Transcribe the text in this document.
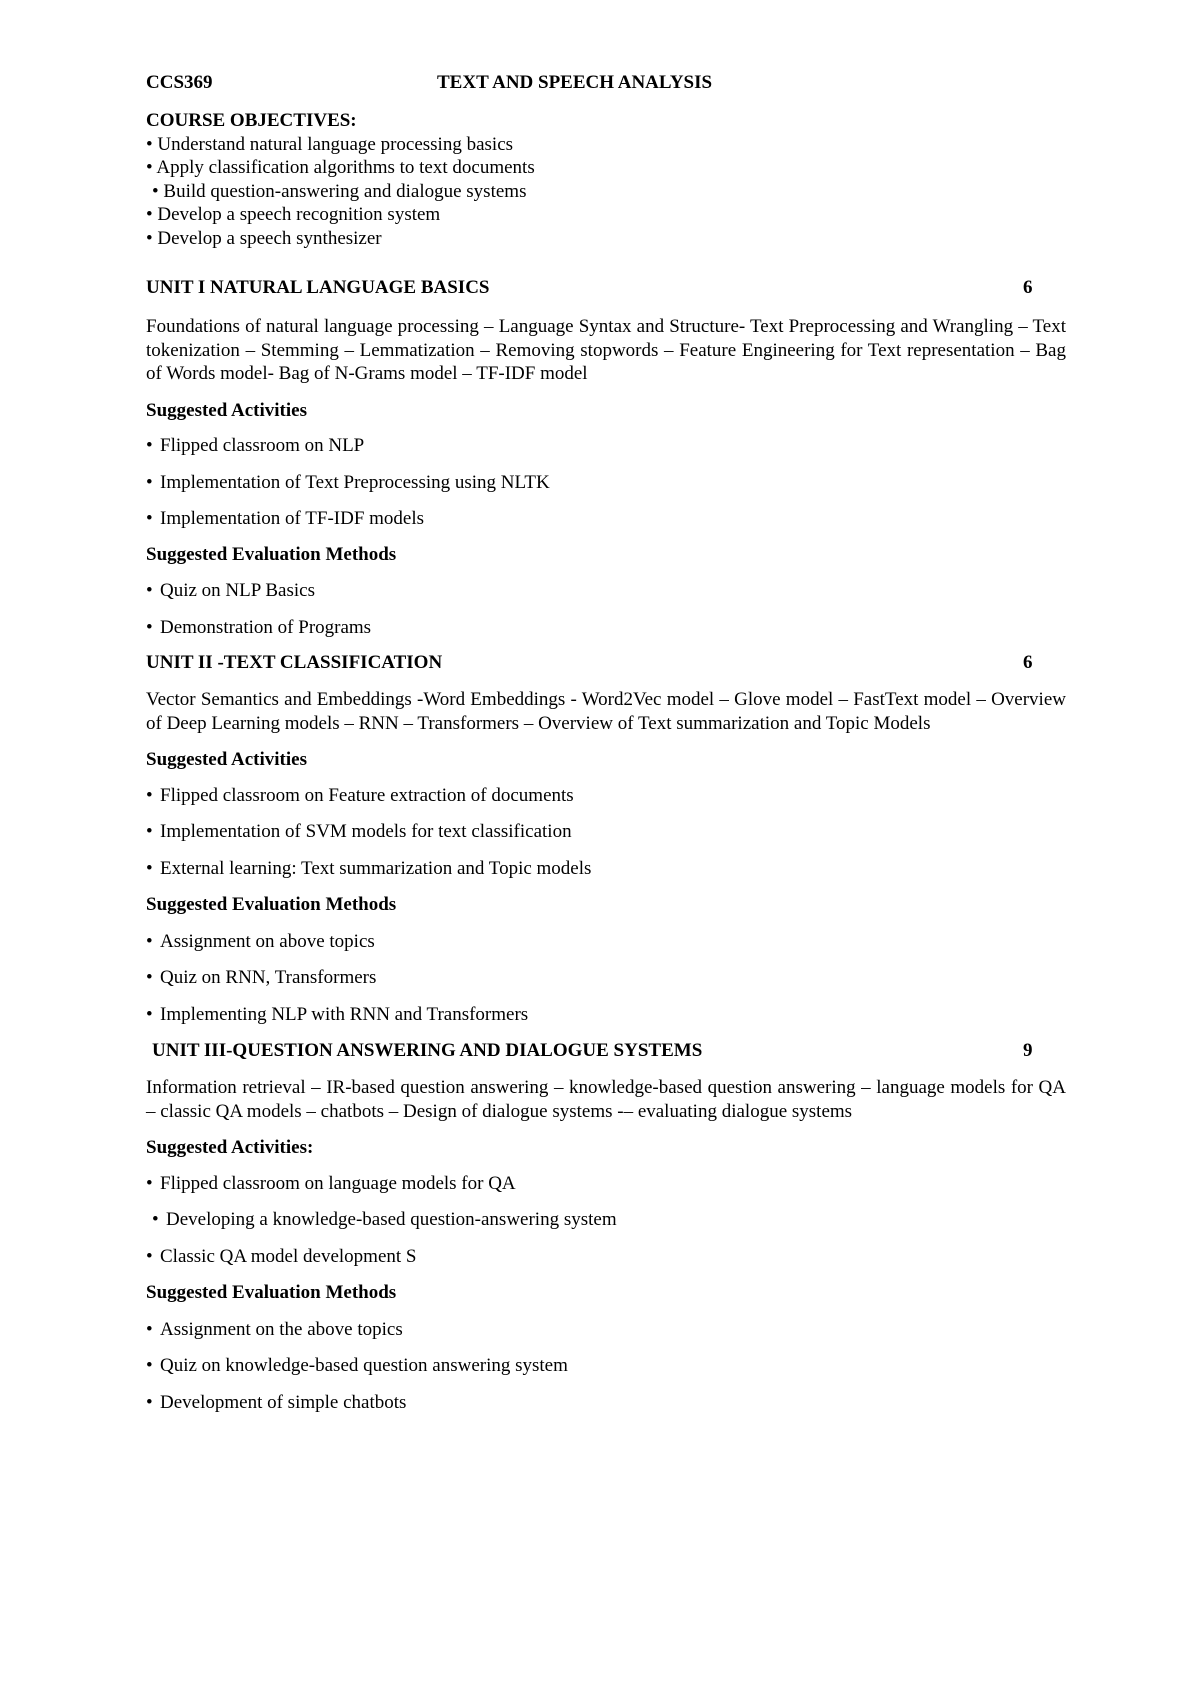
CCS369	TEXT AND SPEECH ANALYSIS
COURSE OBJECTIVES:
• Understand natural language processing basics
• Apply classification algorithms to text documents
• Build question-answering and dialogue systems
• Develop a speech recognition system
• Develop a speech synthesizer
UNIT I NATURAL LANGUAGE BASICS	6
Foundations of natural language processing – Language Syntax and Structure- Text Preprocessing and Wrangling – Text tokenization – Stemming – Lemmatization – Removing stopwords – Feature Engineering for Text representation – Bag of Words model- Bag of N-Grams model – TF-IDF model
Suggested Activities
• Flipped classroom on NLP
• Implementation of Text Preprocessing using NLTK
• Implementation of TF-IDF models
Suggested Evaluation Methods
• Quiz on NLP Basics
• Demonstration of Programs
UNIT II -TEXT CLASSIFICATION	6
Vector Semantics and Embeddings -Word Embeddings - Word2Vec model – Glove model – FastText model – Overview of Deep Learning models – RNN – Transformers – Overview of Text summarization and Topic Models
Suggested Activities
• Flipped classroom on Feature extraction of documents
• Implementation of SVM models for text classification
• External learning: Text summarization and Topic models
Suggested Evaluation Methods
• Assignment on above topics
• Quiz on RNN, Transformers
• Implementing NLP with RNN and Transformers
UNIT III-QUESTION ANSWERING AND DIALOGUE SYSTEMS	9
Information retrieval – IR-based question answering – knowledge-based question answering – language models for QA – classic QA models – chatbots – Design of dialogue systems -– evaluating dialogue systems
Suggested Activities:
• Flipped classroom on language models for QA
• Developing a knowledge-based question-answering system
• Classic QA model development S
Suggested Evaluation Methods
• Assignment on the above topics
• Quiz on knowledge-based question answering system
• Development of simple chatbots
